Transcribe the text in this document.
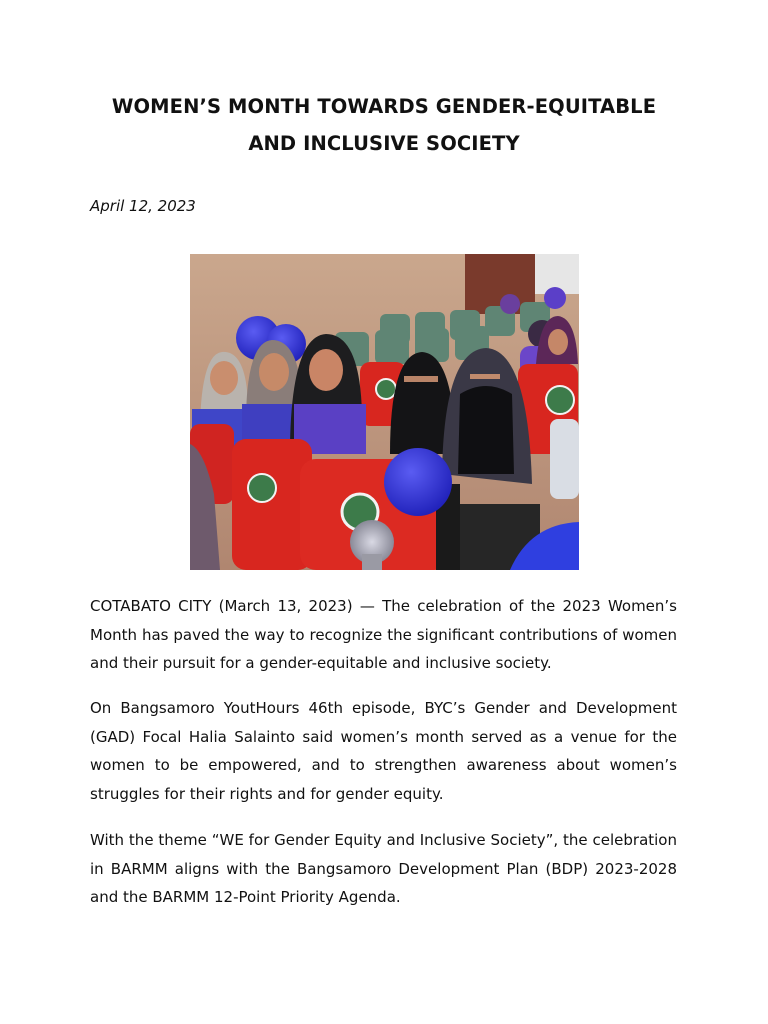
WOMEN’S MONTH TOWARDS GENDER-EQUITABLE
AND INCLUSIVE SOCIETY
April 12, 2023

COTABATO CITY (March 13, 2023) — The celebration of the 2023 Women’s Month has paved the way to recognize the significant contributions of women and their pursuit for a gender-equitable and inclusive society.

On Bangsamoro YoutHours 46th episode, BYC’s Gender and Development (GAD) Focal Halia Salainto said women’s month served as a venue for the women to be empowered, and to strengthen awareness about women’s struggles for their rights and for gender equity.

With the theme “WE for Gender Equity and Inclusive Society”, the celebration in BARMM aligns with the Bangsamoro Development Plan (BDP) 2023-2028 and the BARMM 12-Point Priority Agenda.
